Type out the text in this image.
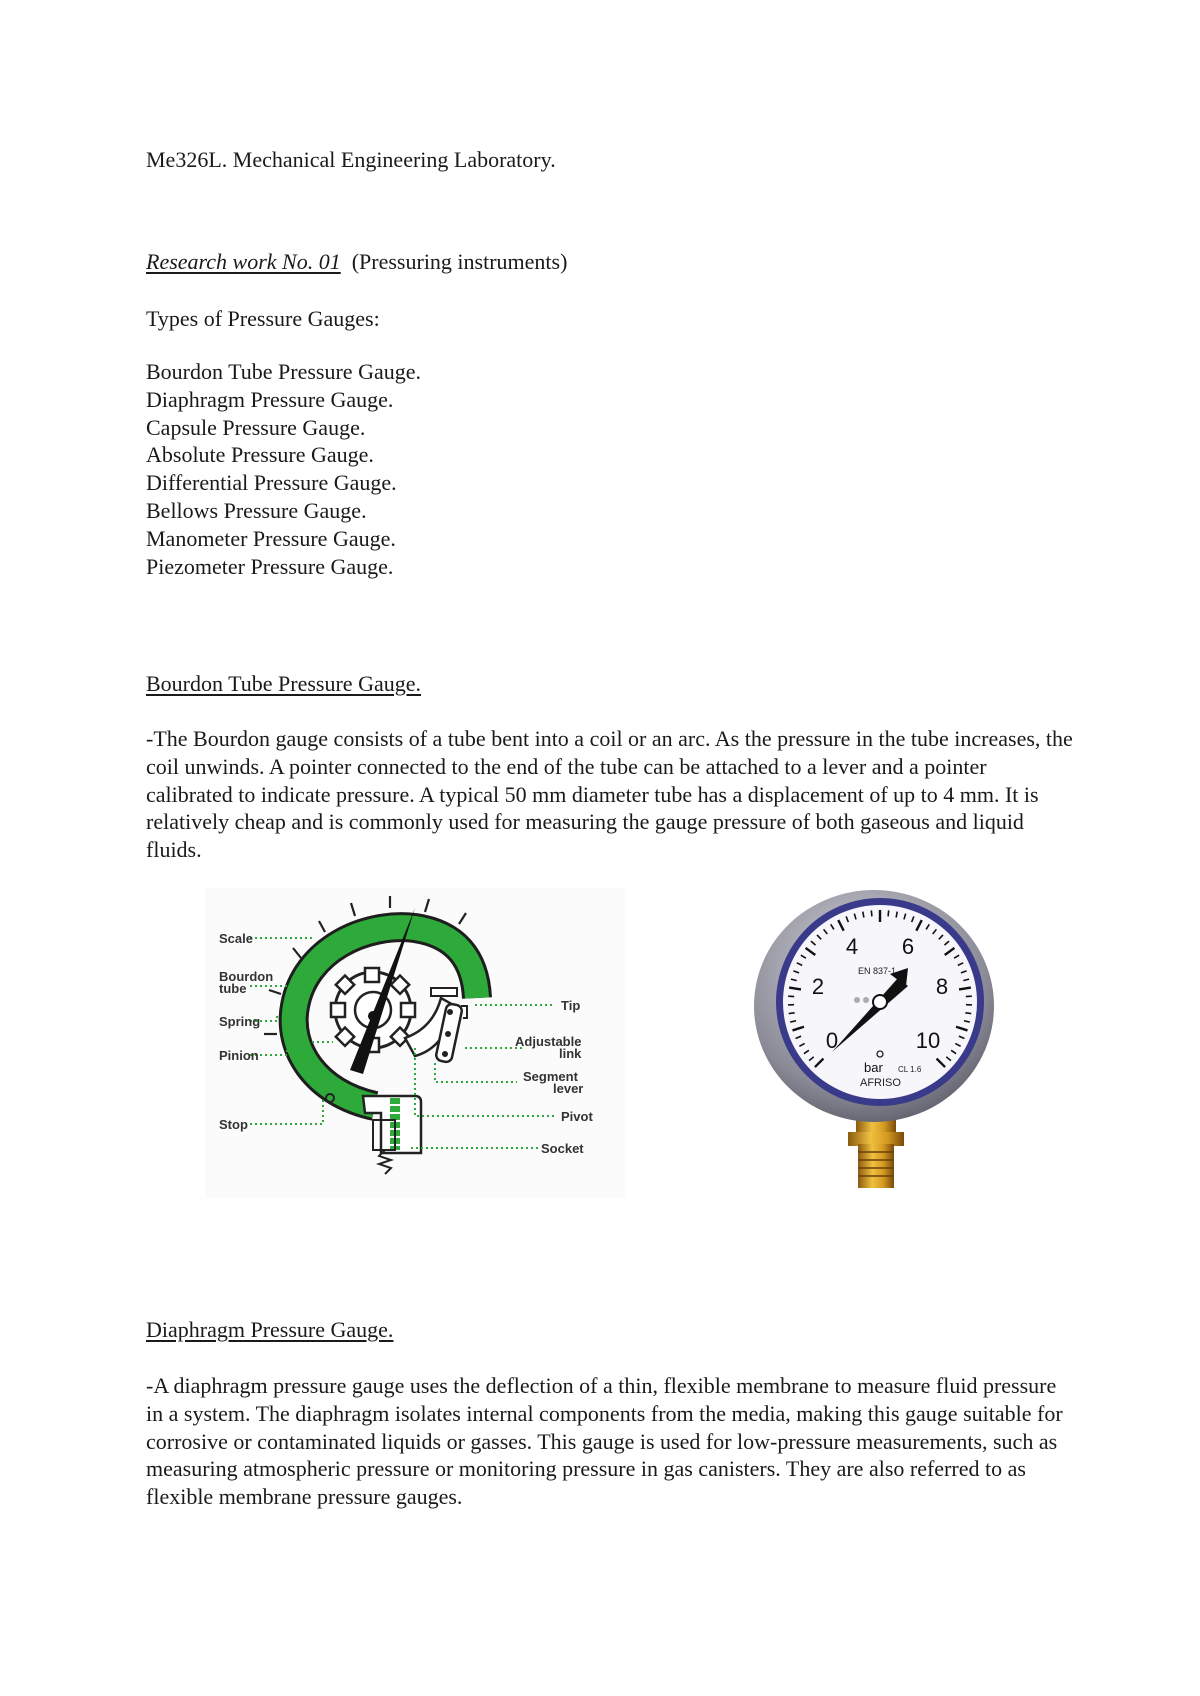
Me326L. Mechanical Engineering Laboratory.
Research work No. 01 (Pressuring instruments)
Types of Pressure Gauges:
Bourdon Tube Pressure Gauge.
Diaphragm Pressure Gauge.
Capsule Pressure Gauge.
Absolute Pressure Gauge.
Differential Pressure Gauge.
Bellows Pressure Gauge.
Manometer Pressure Gauge.
Piezometer Pressure Gauge.
Bourdon Tube Pressure Gauge.
-The Bourdon gauge consists of a tube bent into a coil or an arc. As the pressure in the tube increases, the coil unwinds. A pointer connected to the end of the tube can be attached to a lever and a pointer calibrated to indicate pressure. A typical 50 mm diameter tube has a displacement of up to 4 mm. It is relatively cheap and is commonly used for measuring the gauge pressure of both gaseous and liquid fluids.
Scale
Bourdon
tube
Spring
Pinion
Stop
Tip
Adjustable
link
Segment
lever
Pivot
Socket
0
2
4 6
8
10
EN 837-1
CL 1.6
bar
AFRISO
Diaphragm Pressure Gauge.
-A diaphragm pressure gauge uses the deflection of a thin, flexible membrane to measure fluid pressure in a system. The diaphragm isolates internal components from the media, making this gauge suitable for corrosive or contaminated liquids or gasses. This gauge is used for low-pressure measurements, such as measuring atmospheric pressure or monitoring pressure in gas canisters. They are also referred to as flexible membrane pressure gauges.
